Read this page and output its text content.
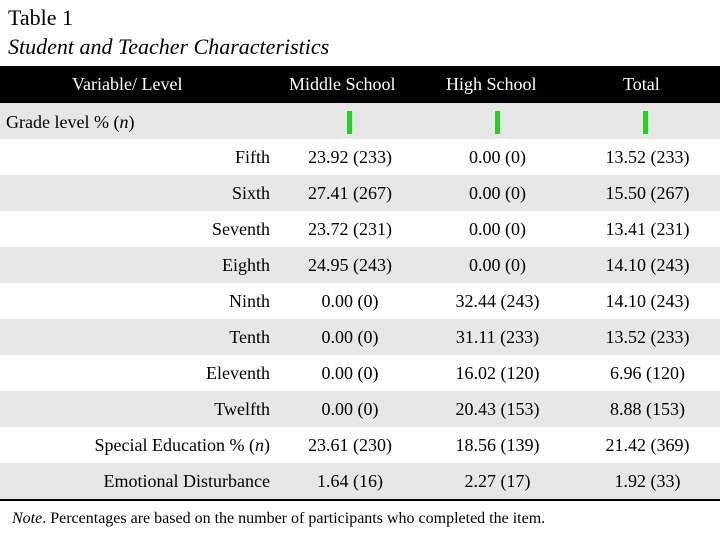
Table 1
Student and Teacher Characteristics
Variable/ Level	Middle School	High School	Total
Grade level % (n)
Fifth	23.92 (233)	0.00 (0)	13.52 (233)
Sixth	27.41 (267)	0.00 (0)	15.50 (267)
Seventh	23.72 (231)	0.00 (0)	13.41 (231)
Eighth	24.95 (243)	0.00 (0)	14.10 (243)
Ninth	0.00 (0)	32.44 (243)	14.10 (243)
Tenth	0.00 (0)	31.11 (233)	13.52 (233)
Eleventh	0.00 (0)	16.02 (120)	6.96 (120)
Twelfth	0.00 (0)	20.43 (153)	8.88 (153)
Special Education % (n)	23.61 (230)	18.56 (139)	21.42 (369)
Emotional Disturbance	1.64 (16)	2.27 (17)	1.92 (33)
Note. Percentages are based on the number of participants who completed the item.
